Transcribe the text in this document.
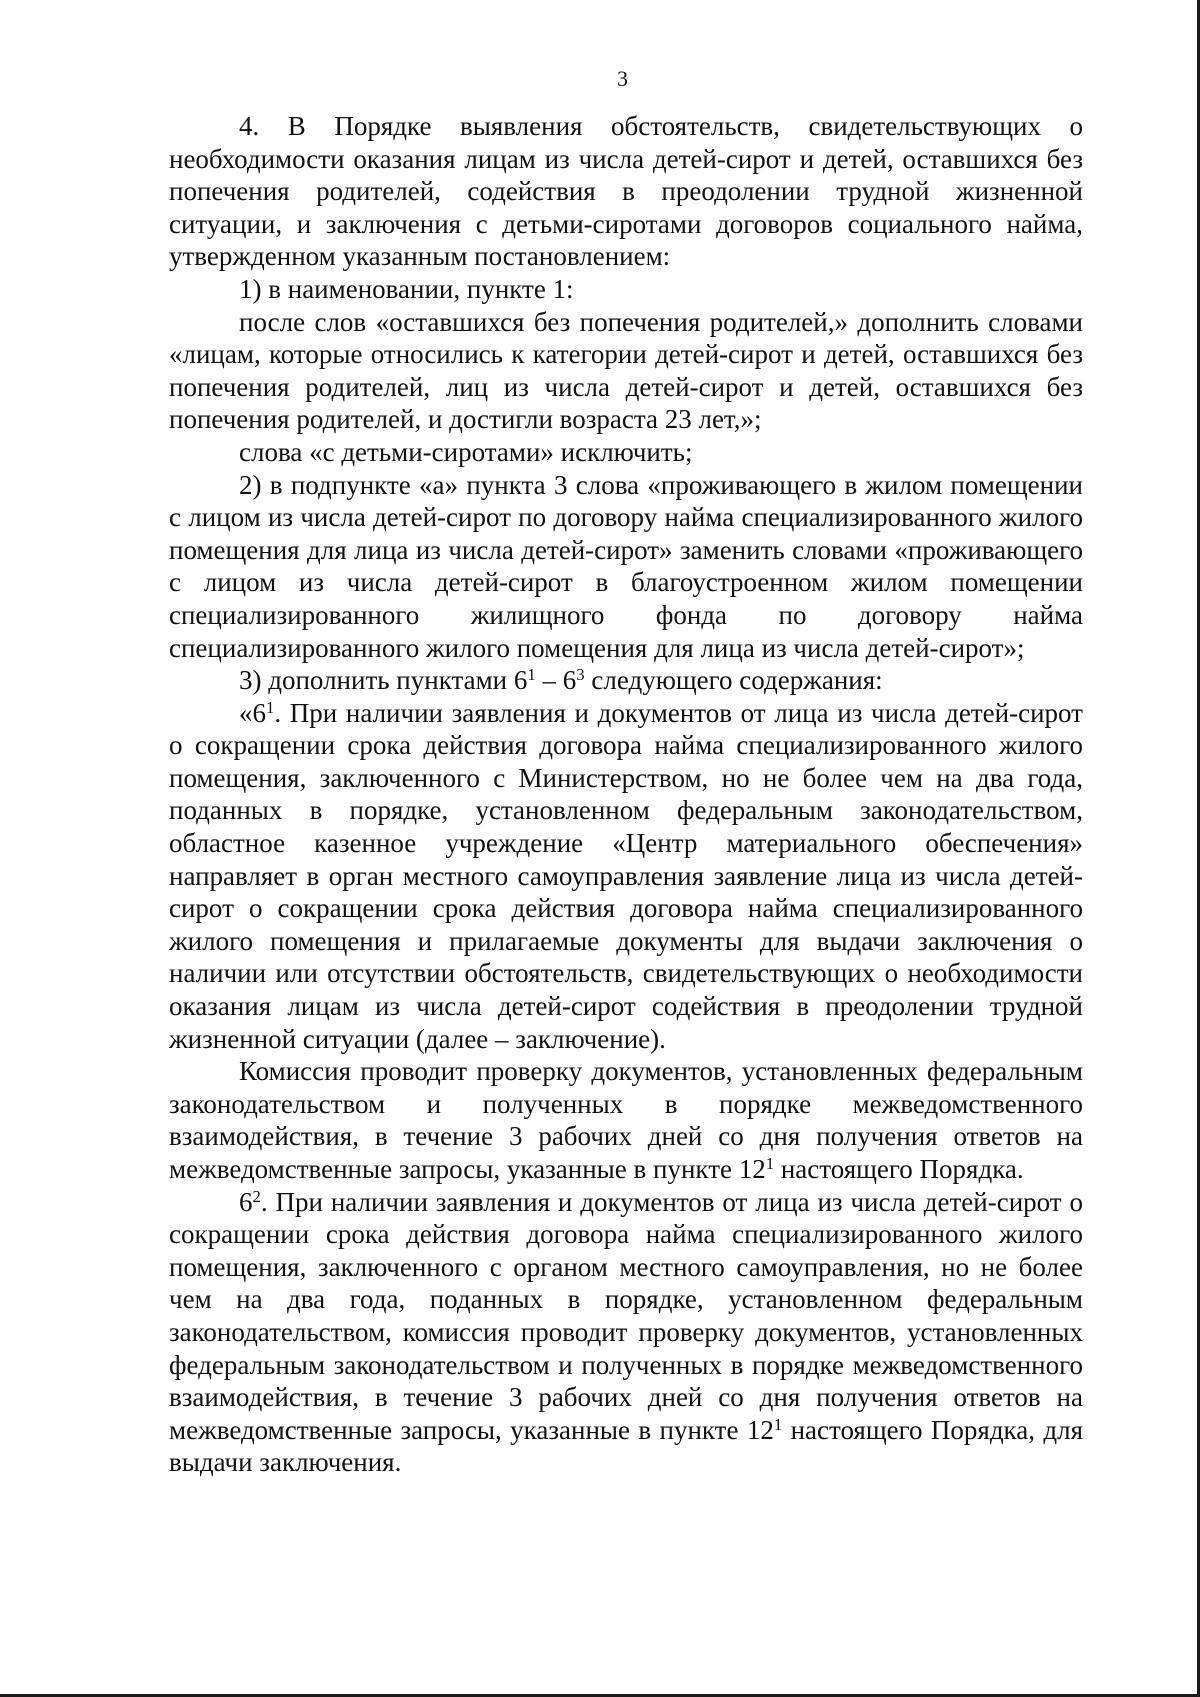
3

4. В Порядке выявления обстоятельств, свидетельствующих о необходимости оказания лицам из числа детей-сирот и детей, оставшихся без попечения родителей, содействия в преодолении трудной жизненной ситуации, и заключения с детьми-сиротами договоров социального найма, утвержденном указанным постановлением:

1) в наименовании, пункте 1:

после слов «оставшихся без попечения родителей,» дополнить словами «лицам, которые относились к категории детей-сирот и детей, оставшихся без попечения родителей, лиц из числа детей-сирот и детей, оставшихся без попечения родителей, и достигли возраста 23 лет,»;

слова «с детьми-сиротами» исключить;

2) в подпункте «а» пункта 3 слова «проживающего в жилом помещении с лицом из числа детей-сирот по договору найма специализированного жилого помещения для лица из числа детей-сирот» заменить словами «проживающего с лицом из числа детей-сирот в благоустроенном жилом помещении специализированного жилищного фонда по договору найма специализированного жилого помещения для лица из числа детей-сирот»;

3) дополнить пунктами $6^1 - 6^3$ следующего содержания:

«$6^1$. При наличии заявления и документов от лица из числа детей-сирот о сокращении срока действия договора найма специализированного жилого помещения, заключенного с Министерством, но не более чем на два года, поданных в порядке, установленном федеральным законодательством, областное казенное учреждение «Центр материального обеспечения» направляет в орган местного самоуправления заявление лица из числа детей-сирот о сокращении срока действия договора найма специализированного жилого помещения и прилагаемые документы для выдачи заключения о наличии или отсутствии обстоятельств, свидетельствующих о необходимости оказания лицам из числа детей-сирот содействия в преодолении трудной жизненной ситуации (далее – заключение).

Комиссия проводит проверку документов, установленных федеральным законодательством и полученных в порядке межведомственного взаимодействия, в течение 3 рабочих дней со дня получения ответов на межведомственные запросы, указанные в пункте $12^1$ настоящего Порядка.

$6^2$. При наличии заявления и документов от лица из числа детей-сирот о сокращении срока действия договора найма специализированного жилого помещения, заключенного с органом местного самоуправления, но не более чем на два года, поданных в порядке, установленном федеральным законодательством, комиссия проводит проверку документов, установленных федеральным законодательством и полученных в порядке межведомственного взаимодействия, в течение 3 рабочих дней со дня получения ответов на межведомственные запросы, указанные в пункте $12^1$ настоящего Порядка, для выдачи заключения.
